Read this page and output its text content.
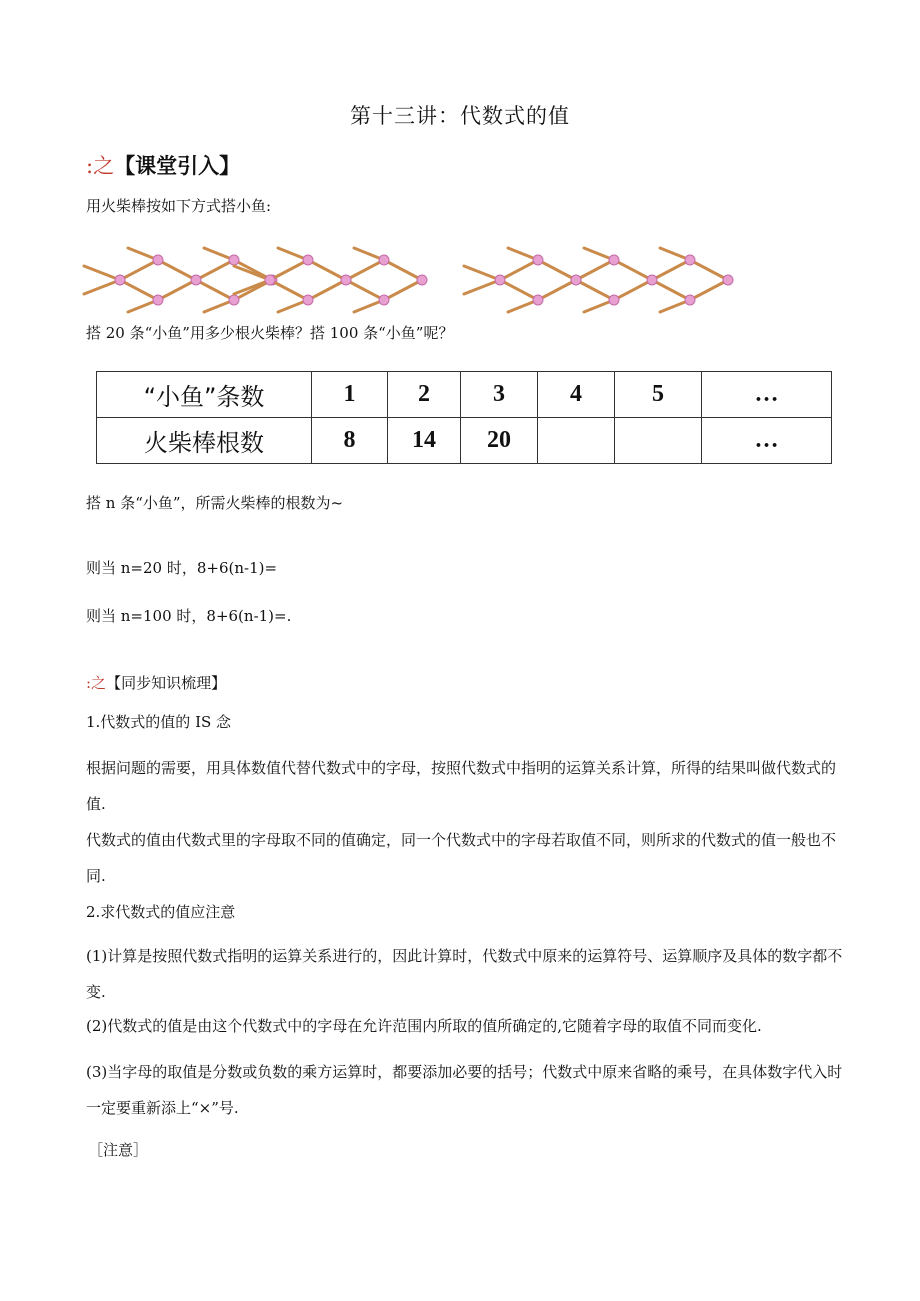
第十三讲：代数式的值
:之【课堂引入】
用火柴棒按如下方式搭小鱼:
搭 20 条“小鱼”用多少根火柴棒？搭 100 条“小鱼”呢？
“小鱼”条数	1	2	3	4	5	…
火柴棒根数	8	14	20			…
搭 n 条“小鱼”，所需火柴棒的根数为~
则当 n=20 时，8+6(n-1)=
则当 n=100 时，8+6(n-1)=.
:之【同步知识梳理】
1.代数式的值的 IS 念
根据问题的需要，用具体数值代替代数式中的字母，按照代数式中指明的运算关系计算，所得的结果叫做代数式的值.
代数式的值由代数式里的字母取不同的值确定，同一个代数式中的字母若取值不同，则所求的代数式的值一般也不同.
2.求代数式的值应注意
(1)计算是按照代数式指明的运算关系进行的，因此计算时，代数式中原来的运算符号、运算顺序及具体的数字都不变.
(2)代数式的值是由这个代数式中的字母在允许范围内所取的值所确定的,它随着字母的取值不同而变化.
(3)当字母的取值是分数或负数的乘方运算时，都要添加必要的括号；代数式中原来省略的乘号，在具体数字代入时一定要重新添上“×”号.
［注意］
